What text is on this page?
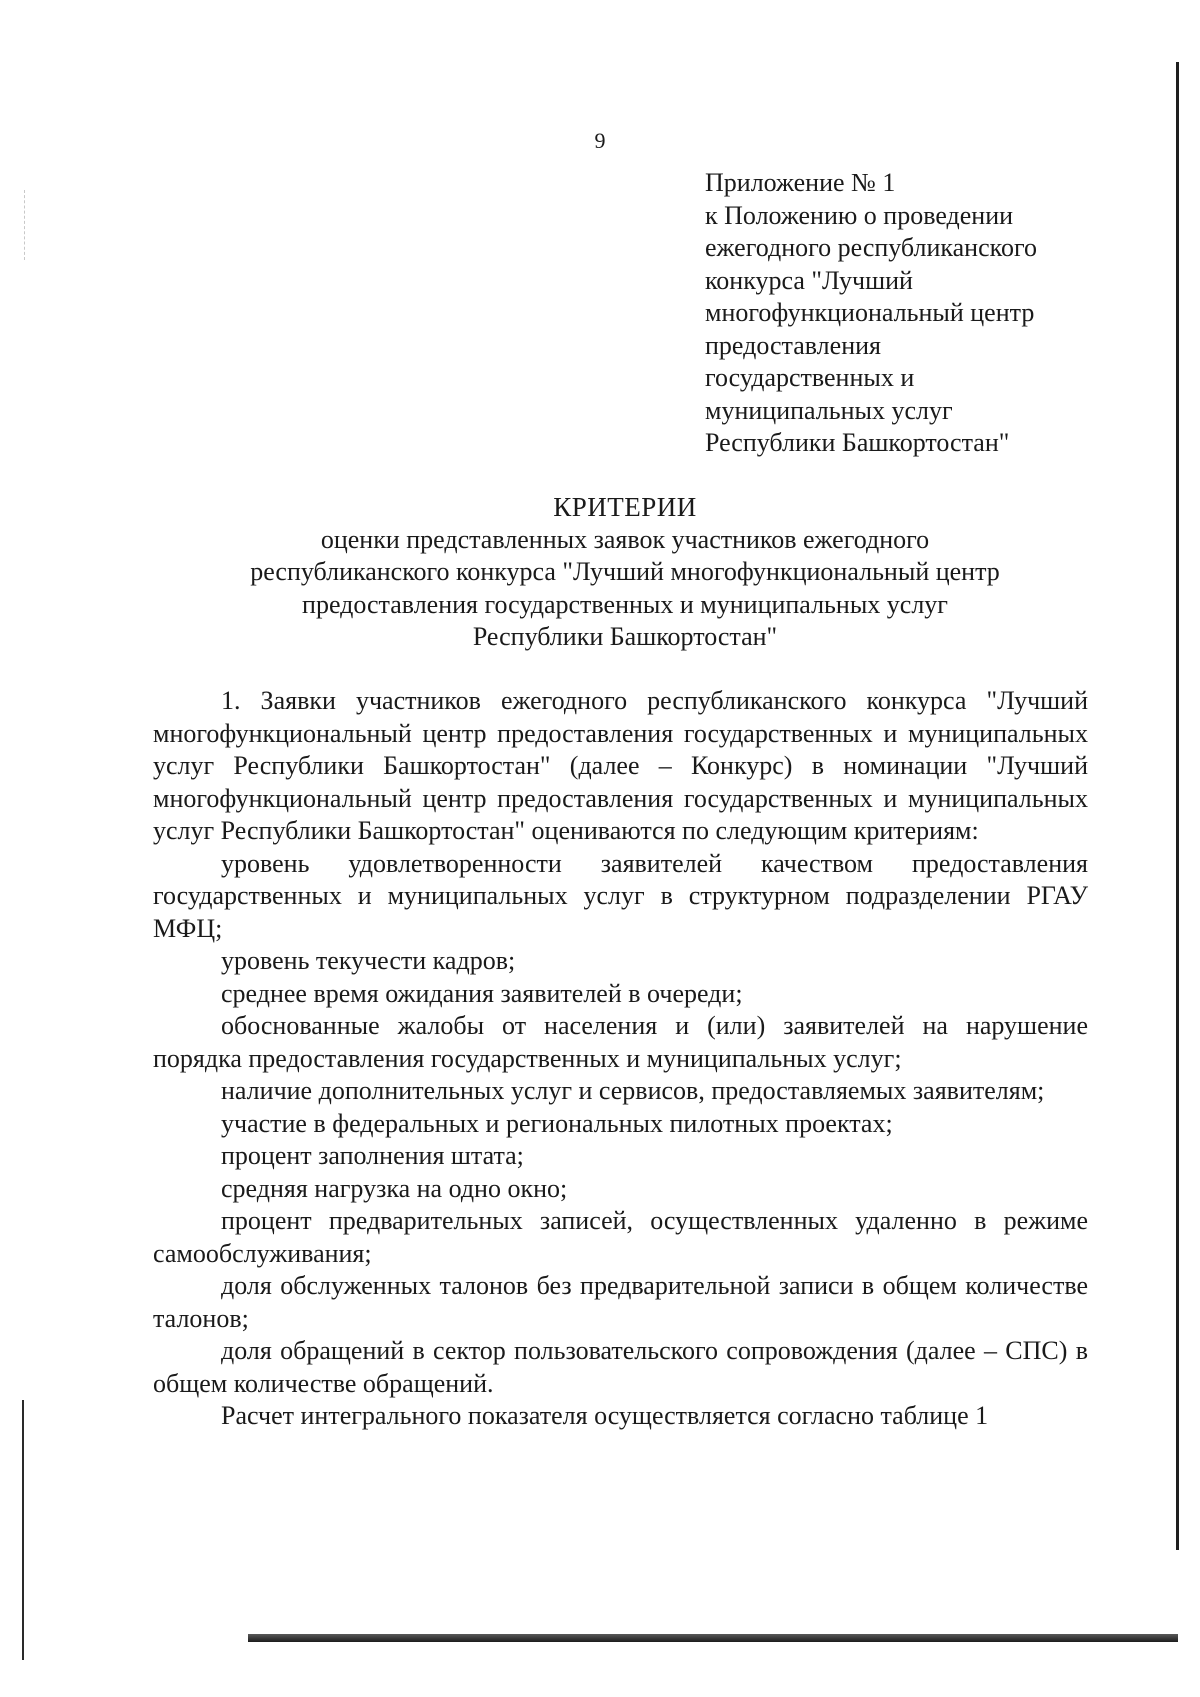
9
Приложение № 1
к Положению о проведении
ежегодного республиканского
конкурса "Лучший
многофункциональный центр
предоставления
государственных и
муниципальных услуг
Республики Башкортостан"
КРИТЕРИИ
оценки представленных заявок участников ежегодного
республиканского конкурса "Лучший многофункциональный центр
предоставления государственных и муниципальных услуг
Республики Башкортостан"
1. Заявки участников ежегодного республиканского конкурса "Лучший многофункциональный центр предоставления государственных и муниципальных услуг Республики Башкортостан" (далее – Конкурс) в номинации "Лучший многофункциональный центр предоставления государственных и муниципальных услуг Республики Башкортостан" оцениваются по следующим критериям:
уровень удовлетворенности заявителей качеством предоставления государственных и муниципальных услуг в структурном подразделении РГАУ МФЦ;
уровень текучести кадров;
среднее время ожидания заявителей в очереди;
обоснованные жалобы от населения и (или) заявителей на нарушение порядка предоставления государственных и муниципальных услуг;
наличие дополнительных услуг и сервисов, предоставляемых заявителям;
участие в федеральных и региональных пилотных проектах;
процент заполнения штата;
средняя нагрузка на одно окно;
процент предварительных записей, осуществленных удаленно в режиме самообслуживания;
доля обслуженных талонов без предварительной записи в общем количестве талонов;
доля обращений в сектор пользовательского сопровождения (далее – СПС) в общем количестве обращений.
Расчет интегрального показателя осуществляется согласно таблице 1
